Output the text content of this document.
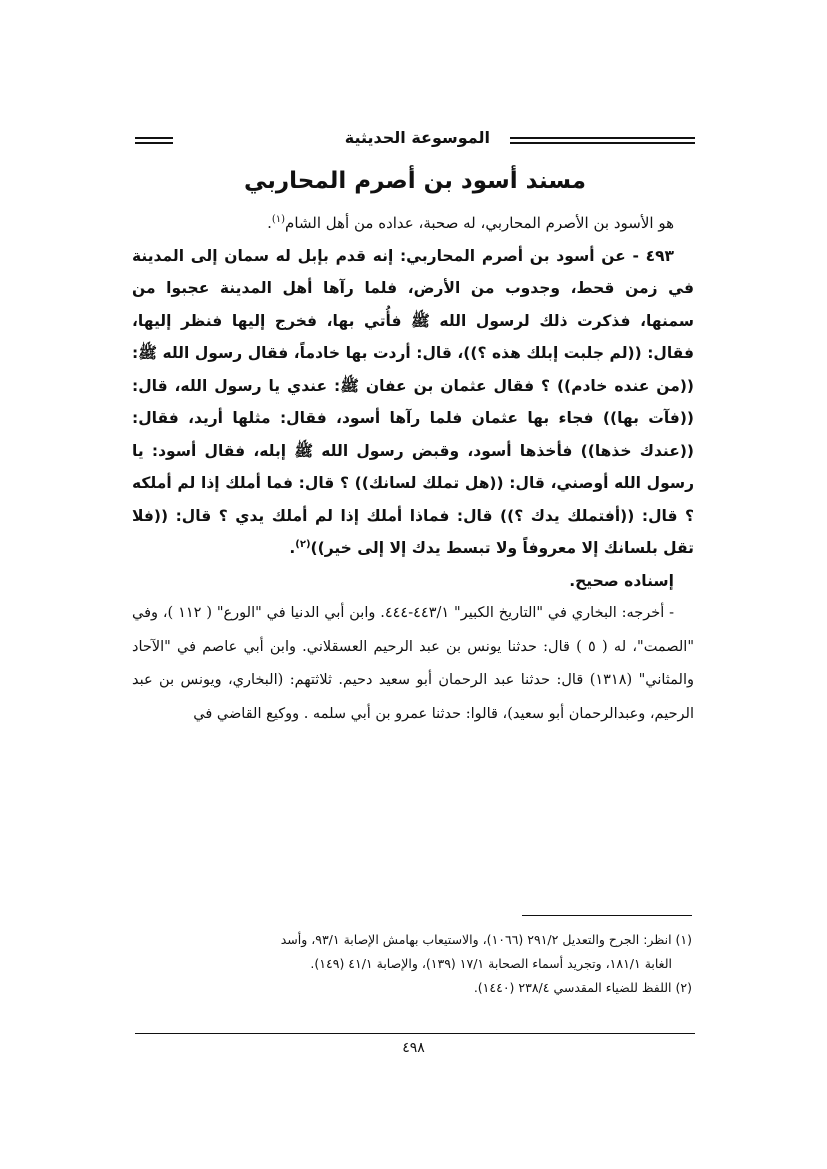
الموسوعة الحديثية
مسند أسود بن أصرم المحاربي

هو الأسود بن الأصرم المحاربي، له صحبة، عداده من أهل الشام$^{(١)}$.

٤٩٣ - عن أسود بن أصرم المحاربي: إنه قدم بإبل له سمان إلى المدينة في زمن قحط، وجدوب من الأرض، فلما رآها أهل المدينة عجبوا من سمنها، فذكرت ذلك لرسول الله ﷺ فأُتي بها، فخرج إليها فنظر إليها، فقال: ((لم جلبت إبلك هذه ؟))، قال: أردت بها خادماً، فقال رسول الله ﷺ: ((من عنده خادم)) ؟ فقال عثمان بن عفان ﷺ: عندي يا رسول الله، قال: ((فآت بها)) فجاء بها عثمان فلما رآها أسود، فقال: مثلها أريد، فقال: ((عندك خذها)) فأخذها أسود، وقبض رسول الله ﷺ إبله، فقال أسود: يا رسول الله أوصني، قال: ((هل تملك لسانك)) ؟ قال: فما أملك إذا لم أملكه ؟ قال: ((أفتملك يدك ؟)) قال: فماذا أملك إذا لم أملك يدي ؟ قال: ((فلا تقل بلسانك إلا معروفاً ولا تبسط يدك إلا إلى خير))$^{(٢)}$.

إسناده صحيح.

- أخرجه: البخاري في "التاريخ الكبير" ٤٤٣/١-٤٤٤. وابن أبي الدنيا في "الورع" ( ١١٢ )، وفي "الصمت"، له ( ٥ ) قال: حدثنا يونس بن عبد الرحيم العسقلاني. وابن أبي عاصم في "الآحاد والمثاني" (١٣١٨) قال: حدثنا عبد الرحمان أبو سعيد دحيم. ثلاثتهم: (البخاري، ويونس بن عبد الرحيم، وعبدالرحمان أبو سعيد)، قالوا: حدثنا عمرو بن أبي سلمه . ووكيع القاضي في

(١) انظر: الجرح والتعديل ٢٩١/٢ (١٠٦٦)، والاستيعاب بهامش الإصابة ٩٣/١، وأسد

الغابة ١٨١/١، وتجريد أسماء الصحابة ١٧/١ (١٣٩)، والإصابة ٤١/١ (١٤٩).

(٢) اللفظ للضياء المقدسي ٢٣٨/٤ (١٤٤٠).

٤٩٨
